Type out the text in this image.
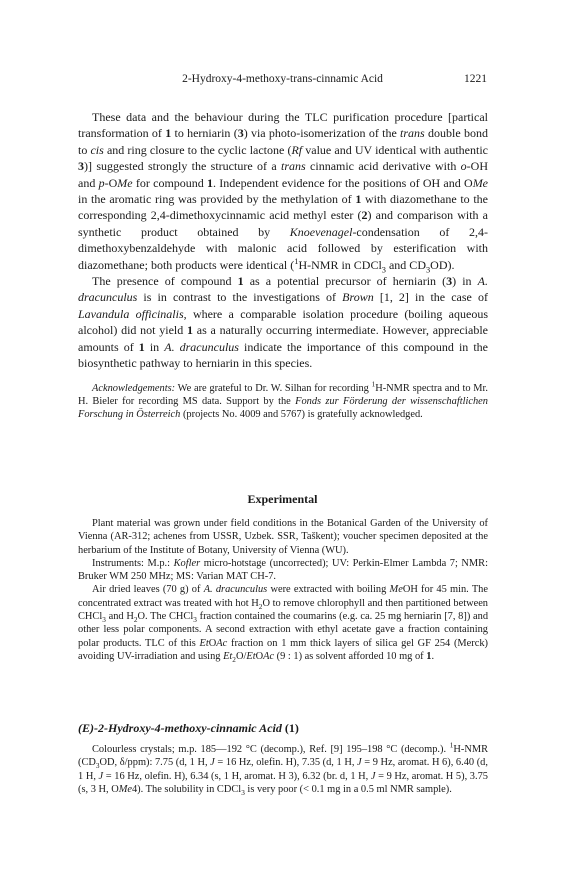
2-Hydroxy-4-methoxy-trans-cinnamic Acid	1221

These data and the behaviour during the TLC purification procedure [partical transformation of 1 to herniarin (3) via photo-isomerization of the trans double bond to cis and ring closure to the cyclic lactone (Rf value and UV identical with authentic 3)] suggested strongly the structure of a trans cinnamic acid derivative with o-OH and p-OMe for compound 1. Independent evidence for the positions of OH and OMe in the aromatic ring was provided by the methylation of 1 with diazomethane to the corresponding 2,4-dimethoxycinnamic acid methyl ester (2) and comparison with a synthetic product obtained by Knoevenagel-condensation of 2,4-dimethoxybenzaldehyde with malonic acid followed by esterification with diazomethane; both products were identical ($^1$H-NMR in CDCl$_3$ and $CD_3OD$).

The presence of compound 1 as a potential precursor of herniarin (3) in A. dracunculus is in contrast to the investigations of Brown [1, 2] in the case of Lavandula officinalis, where a comparable isolation procedure (boiling aqueous alcohol) did not yield 1 as a naturally occurring intermediate. However, appreciable amounts of 1 in A. dracunculus indicate the importance of this compound in the biosynthetic pathway to herniarin in this species.

Acknowledgements: We are grateful to Dr. W. Silhan for recording $^1$H-NMR spectra and to Mr. H. Bieler for recording MS data. Support by the Fonds zur Förderung der wissenschaftlichen Forschung in Österreich (projects No. 4009 and 5767) is gratefully acknowledged.

Experimental

Plant material was grown under field conditions in the Botanical Garden of the University of Vienna (AR-312; achenes from USSR, Uzbek. SSR, Taškent); voucher specimen deposited at the herbarium of the Institute of Botany, University of Vienna (WU).

Instruments: M.p.: Kofler micro-hotstage (uncorrected); UV: Perkin-Elmer Lambda 7; NMR: Bruker WM 250 MHz; MS: Varian MAT CH-7.

Air dried leaves (70 g) of A. dracunculus were extracted with boiling MeOH for 45 min. The concentrated extract was treated with hot $H_2O$ to remove chlorophyll and then partitioned between CHCl$_3$ and $H_2O$. The CHCl$_3$ fraction contained the coumarins (e.g. ca. 25 mg herniarin [7, 8]) and other less polar components. A second extraction with ethyl acetate gave a fraction containing polar products. TLC of this EtOAc fraction on 1 mm thick layers of silica gel GF 254 (Merck) avoiding UV-irradiation and using $Et_2O$/EtOAc (9 : 1) as solvent afforded 10 mg of 1.

(E)-2-Hydroxy-4-methoxy-cinnamic Acid (1)

Colourless crystals; m.p. 185—192 °C (decomp.), Ref. [9] 195–198 °C (decomp.). $^1$H-NMR ($CD_3OD$, δ/ppm): 7.75 (d, 1 H, J = 16 Hz, olefin. H), 7.35 (d, 1 H, J = 9 Hz, aromat. H 6), 6.40 (d, 1 H, J = 16 Hz, olefin. H), 6.34 (s, 1 H, aromat. H 3), 6.32 (br. d, 1 H, J = 9 Hz, aromat. H 5), 3.75 (s, 3 H, OMe4). The solubility in CDCl$_3$ is very poor (< 0.1 mg in a 0.5 ml NMR sample).
